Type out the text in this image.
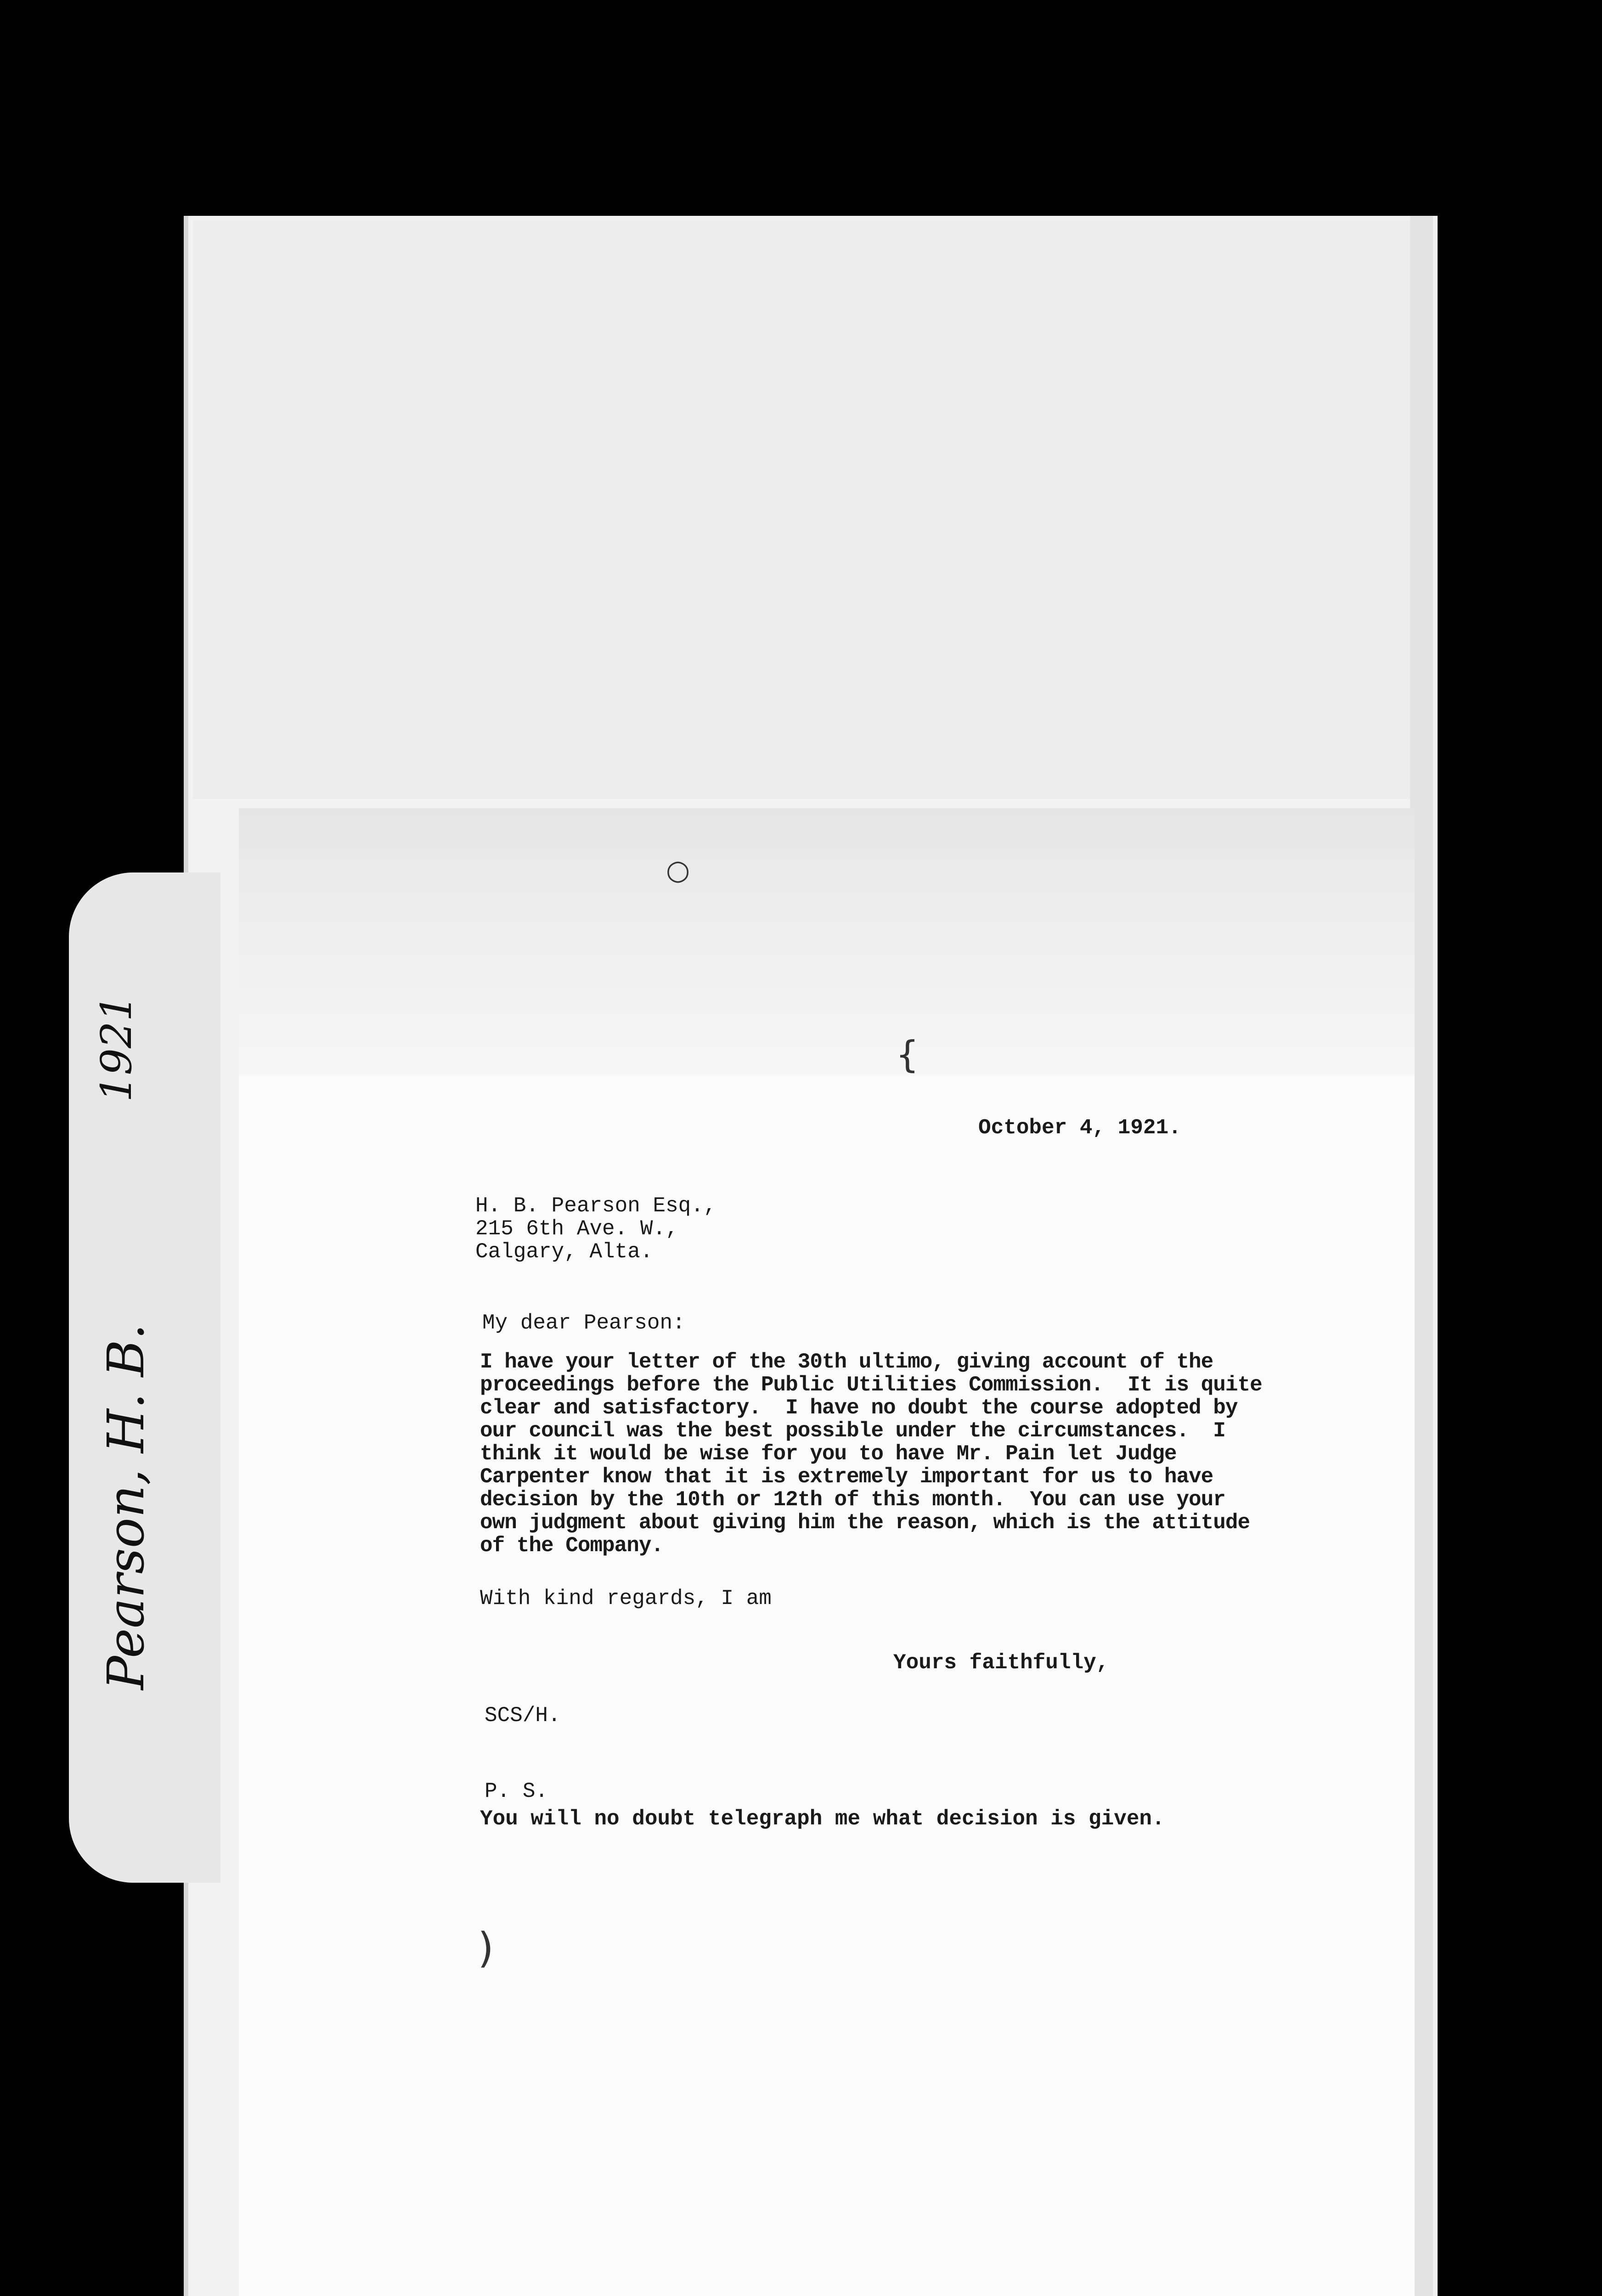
1921
Pearson, H. B.
○
{
)
October 4, 1921.
H. B. Pearson Esq.,
215 6th Ave. W.,
Calgary, Alta.
My dear Pearson:
I have your letter of the 30th ultimo, giving account of the
proceedings before the Public Utilities Commission.  It is quite
clear and satisfactory.  I have no doubt the course adopted by
our council was the best possible under the circumstances.  I
think it would be wise for you to have Mr. Pain let Judge
Carpenter know that it is extremely important for us to have
decision by the 10th or 12th of this month.  You can use your
own judgment about giving him the reason, which is the attitude
of the Company.
With kind regards, I am
Yours faithfully,
SCS/H.
P. S.
You will no doubt telegraph me what decision is given.
